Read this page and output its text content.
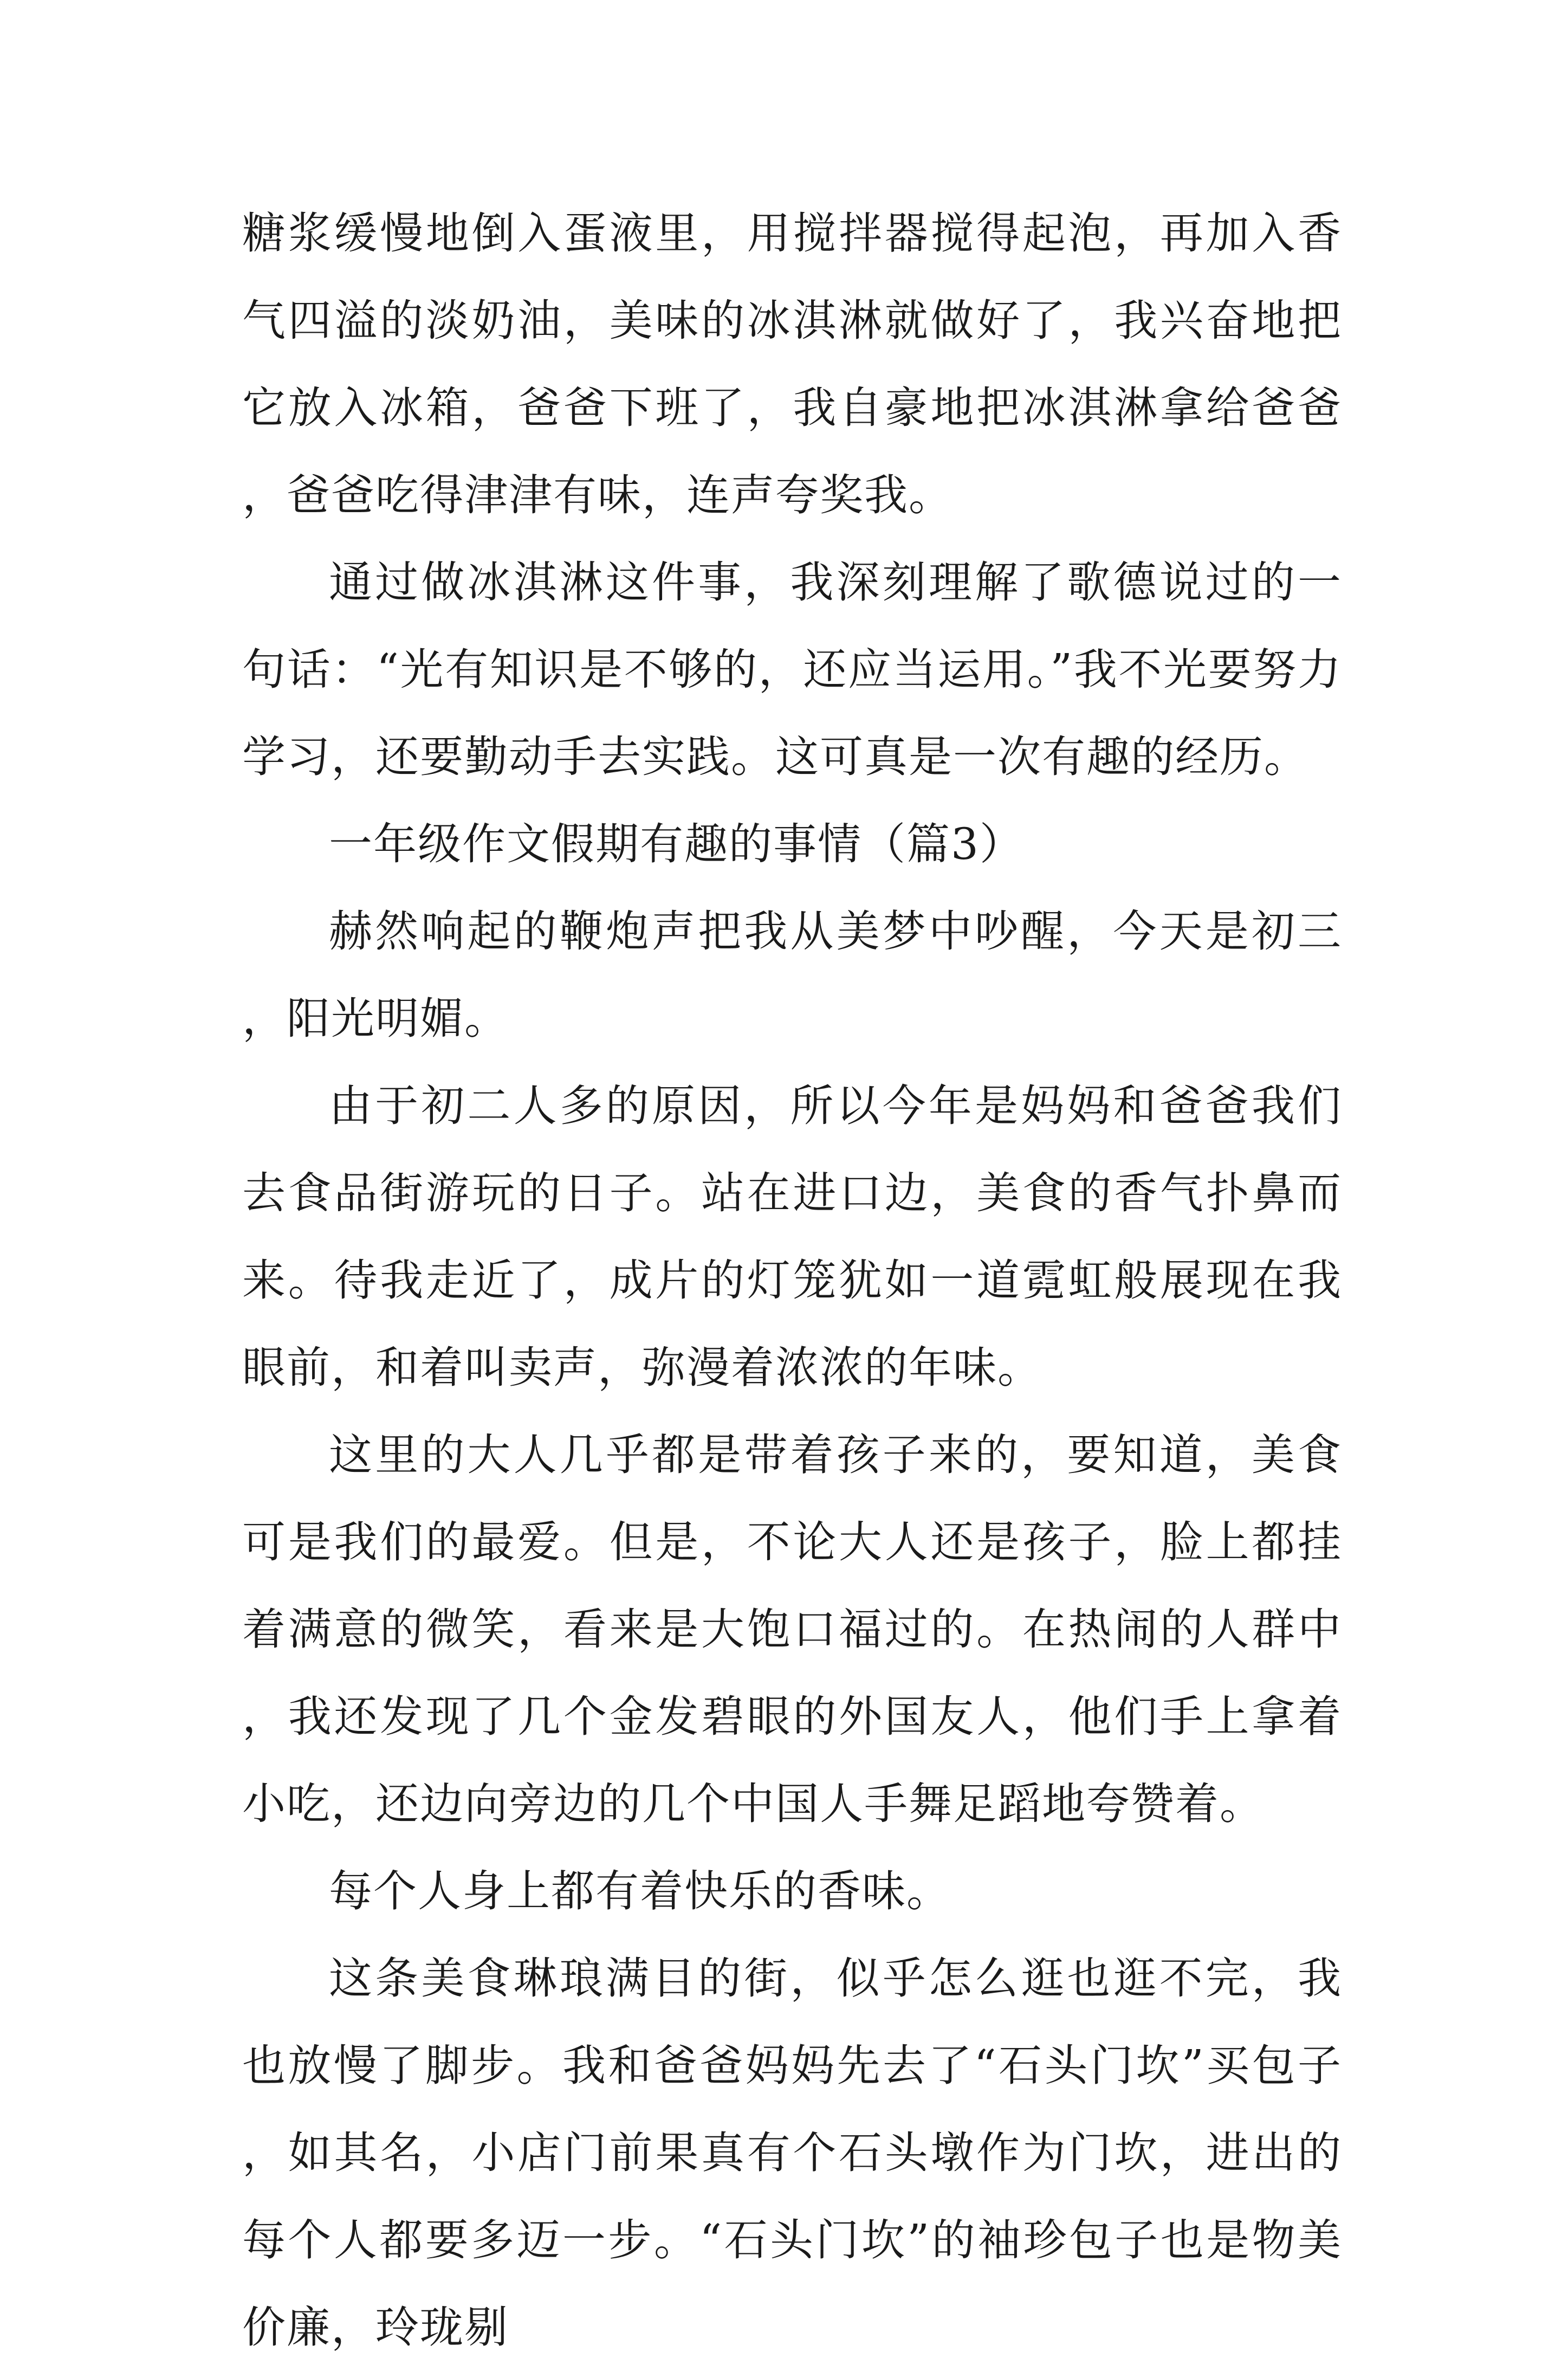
糖浆缓慢地倒入蛋液里，用搅拌器搅得起泡，再加入香气四溢的淡奶油，美味的冰淇淋就做好了，我兴奋地把它放入冰箱，爸爸下班了，我自豪地把冰淇淋拿给爸爸，爸爸吃得津津有味，连声夸奖我。

通过做冰淇淋这件事，我深刻理解了歌德说过的一句话：“光有知识是不够的，还应当运用。”我不光要努力学习，还要勤动手去实践。这可真是一次有趣的经历。

一年级作文假期有趣的事情（篇3）

赫然响起的鞭炮声把我从美梦中吵醒，今天是初三，阳光明媚。

由于初二人多的原因，所以今年是妈妈和爸爸我们去食品街游玩的日子。站在进口边，美食的香气扑鼻而来。待我走近了，成片的灯笼犹如一道霓虹般展现在我眼前，和着叫卖声，弥漫着浓浓的年味。

这里的大人几乎都是带着孩子来的，要知道，美食可是我们的最爱。但是，不论大人还是孩子，脸上都挂着满意的微笑，看来是大饱口福过的。在热闹的人群中，我还发现了几个金发碧眼的外国友人，他们手上拿着小吃，还边向旁边的几个中国人手舞足蹈地夸赞着。

每个人身上都有着快乐的香味。

这条美食琳琅满目的街，似乎怎么逛也逛不完，我也放慢了脚步。我和爸爸妈妈先去了“石头门坎”买包子，如其名，小店门前果真有个石头墩作为门坎，进出的每个人都要多迈一步。“石头门坎”的袖珍包子也是物美价廉，玲珑剔
